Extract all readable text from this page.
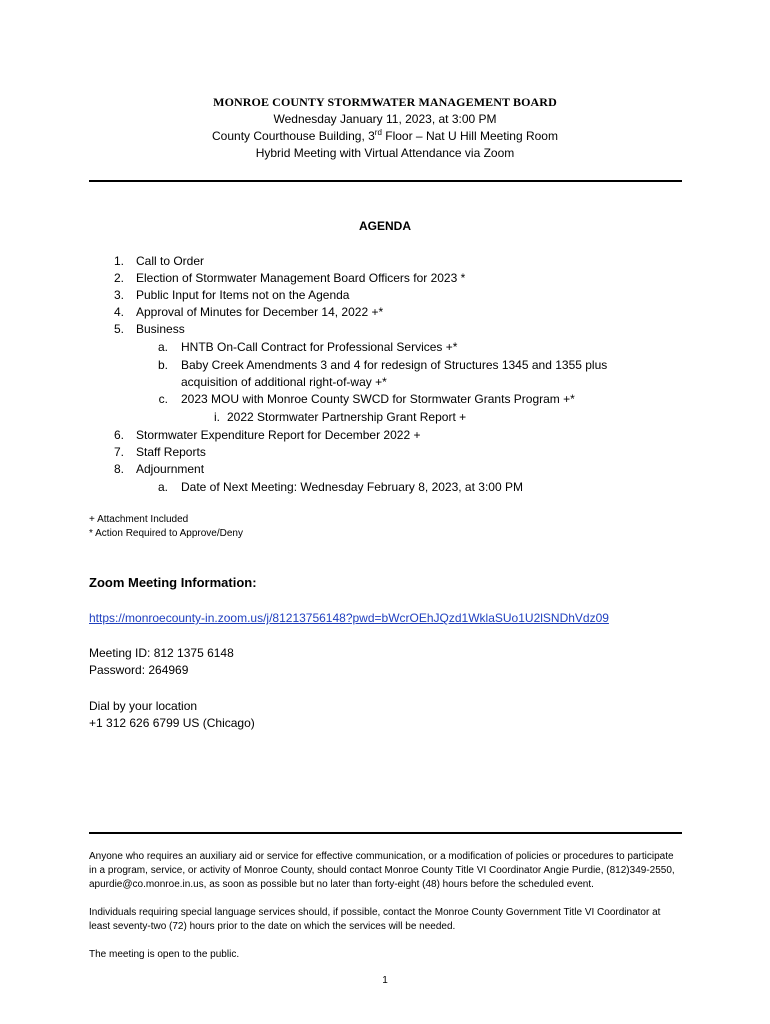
MONROE COUNTY STORMWATER MANAGEMENT BOARD
Wednesday January 11, 2023, at 3:00 PM
County Courthouse Building, 3rd Floor – Nat U Hill Meeting Room
Hybrid Meeting with Virtual Attendance via Zoom
AGENDA
1. Call to Order
2. Election of Stormwater Management Board Officers for 2023 *
3. Public Input for Items not on the Agenda
4. Approval of Minutes for December 14, 2022 +*
5. Business
a. HNTB On-Call Contract for Professional Services +*
b. Baby Creek Amendments 3 and 4 for redesign of Structures 1345 and 1355 plus
acquisition of additional right-of-way +*
c. 2023 MOU with Monroe County SWCD for Stormwater Grants Program +*
i. 2022 Stormwater Partnership Grant Report +
6. Stormwater Expenditure Report for December 2022 +
7. Staff Reports
8. Adjournment
a. Date of Next Meeting: Wednesday February 8, 2023, at 3:00 PM
+ Attachment Included
* Action Required to Approve/Deny
Zoom Meeting Information:
https://monroecounty-in.zoom.us/j/81213756148?pwd=bWcrOEhJQzd1WklaSUo1U2lSNDhVdz09
Meeting ID: 812 1375 6148
Password: 264969
Dial by your location
+1 312 626 6799 US (Chicago)

Anyone who requires an auxiliary aid or service for effective communication, or a modification of policies or procedures to participate in a program, service, or activity of Monroe County, should contact Monroe County Title VI Coordinator Angie Purdie, (812)349-2550, apurdie@co.monroe.in.us, as soon as possible but no later than forty-eight (48) hours before the scheduled event.

Individuals requiring special language services should, if possible, contact the Monroe County Government Title VI Coordinator at least seventy-two (72) hours prior to the date on which the services will be needed.

The meeting is open to the public.

1
